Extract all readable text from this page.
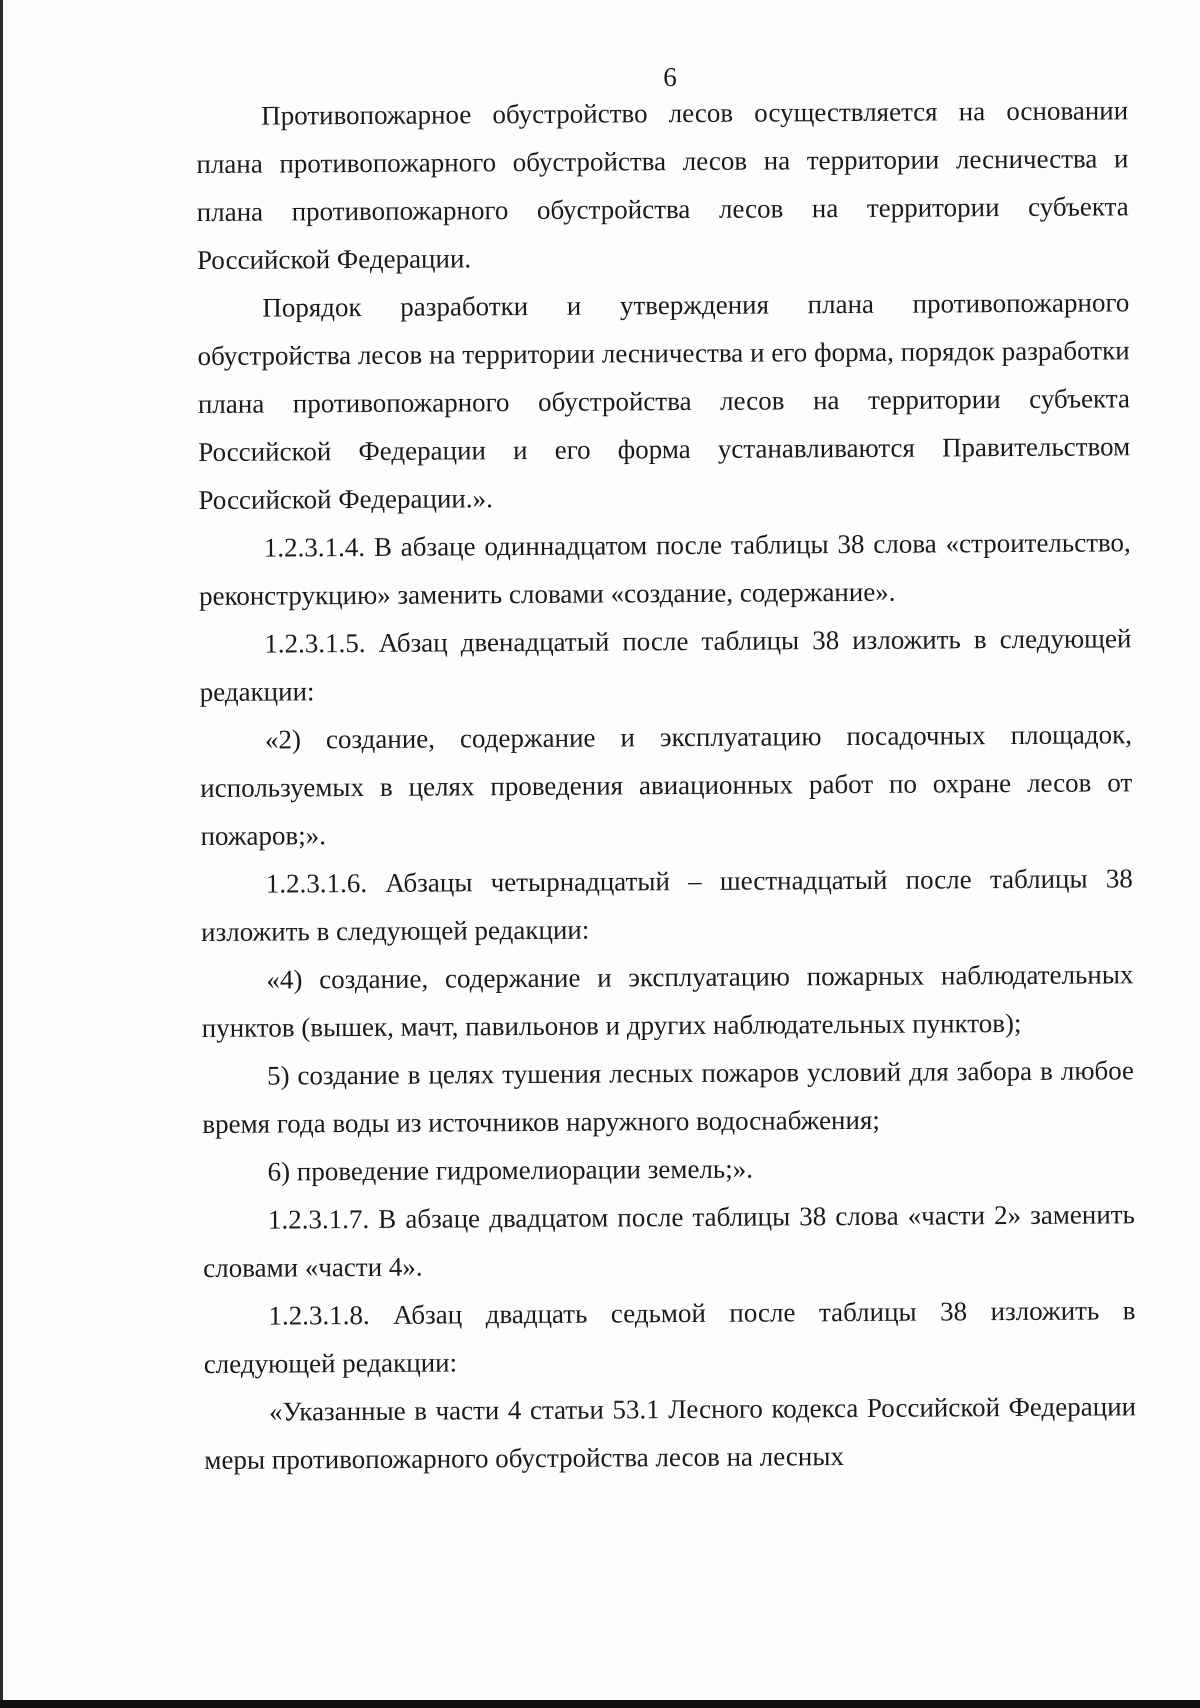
6

Противопожарное обустройство лесов осуществляется на основании плана противопожарного обустройства лесов на территории лесничества и плана противопожарного обустройства лесов на территории субъекта Российской Федерации.

Порядок разработки и утверждения плана противопожарного обустройства лесов на территории лесничества и его форма, порядок разработки плана противопожарного обустройства лесов на территории субъекта Российской Федерации и его форма устанавливаются Правительством Российской Федерации.».

1.2.3.1.4. В абзаце одиннадцатом после таблицы 38 слова «строительство, реконструкцию» заменить словами «создание, содержание».

1.2.3.1.5. Абзац двенадцатый после таблицы 38 изложить в следующей редакции:

«2) создание, содержание и эксплуатацию посадочных площадок, используемых в целях проведения авиационных работ по охране лесов от пожаров;».

1.2.3.1.6. Абзацы четырнадцатый – шестнадцатый после таблицы 38 изложить в следующей редакции:

«4) создание, содержание и эксплуатацию пожарных наблюдательных пунктов (вышек, мачт, павильонов и других наблюдательных пунктов);

5) создание в целях тушения лесных пожаров условий для забора в любое время года воды из источников наружного водоснабжения;

6) проведение гидромелиорации земель;».

1.2.3.1.7. В абзаце двадцатом после таблицы 38 слова «части 2» заменить словами «части 4».

1.2.3.1.8. Абзац двадцать седьмой после таблицы 38 изложить в следующей редакции:

«Указанные в части 4 статьи 53.1 Лесного кодекса Российской Федерации меры противопожарного обустройства лесов на лесных
